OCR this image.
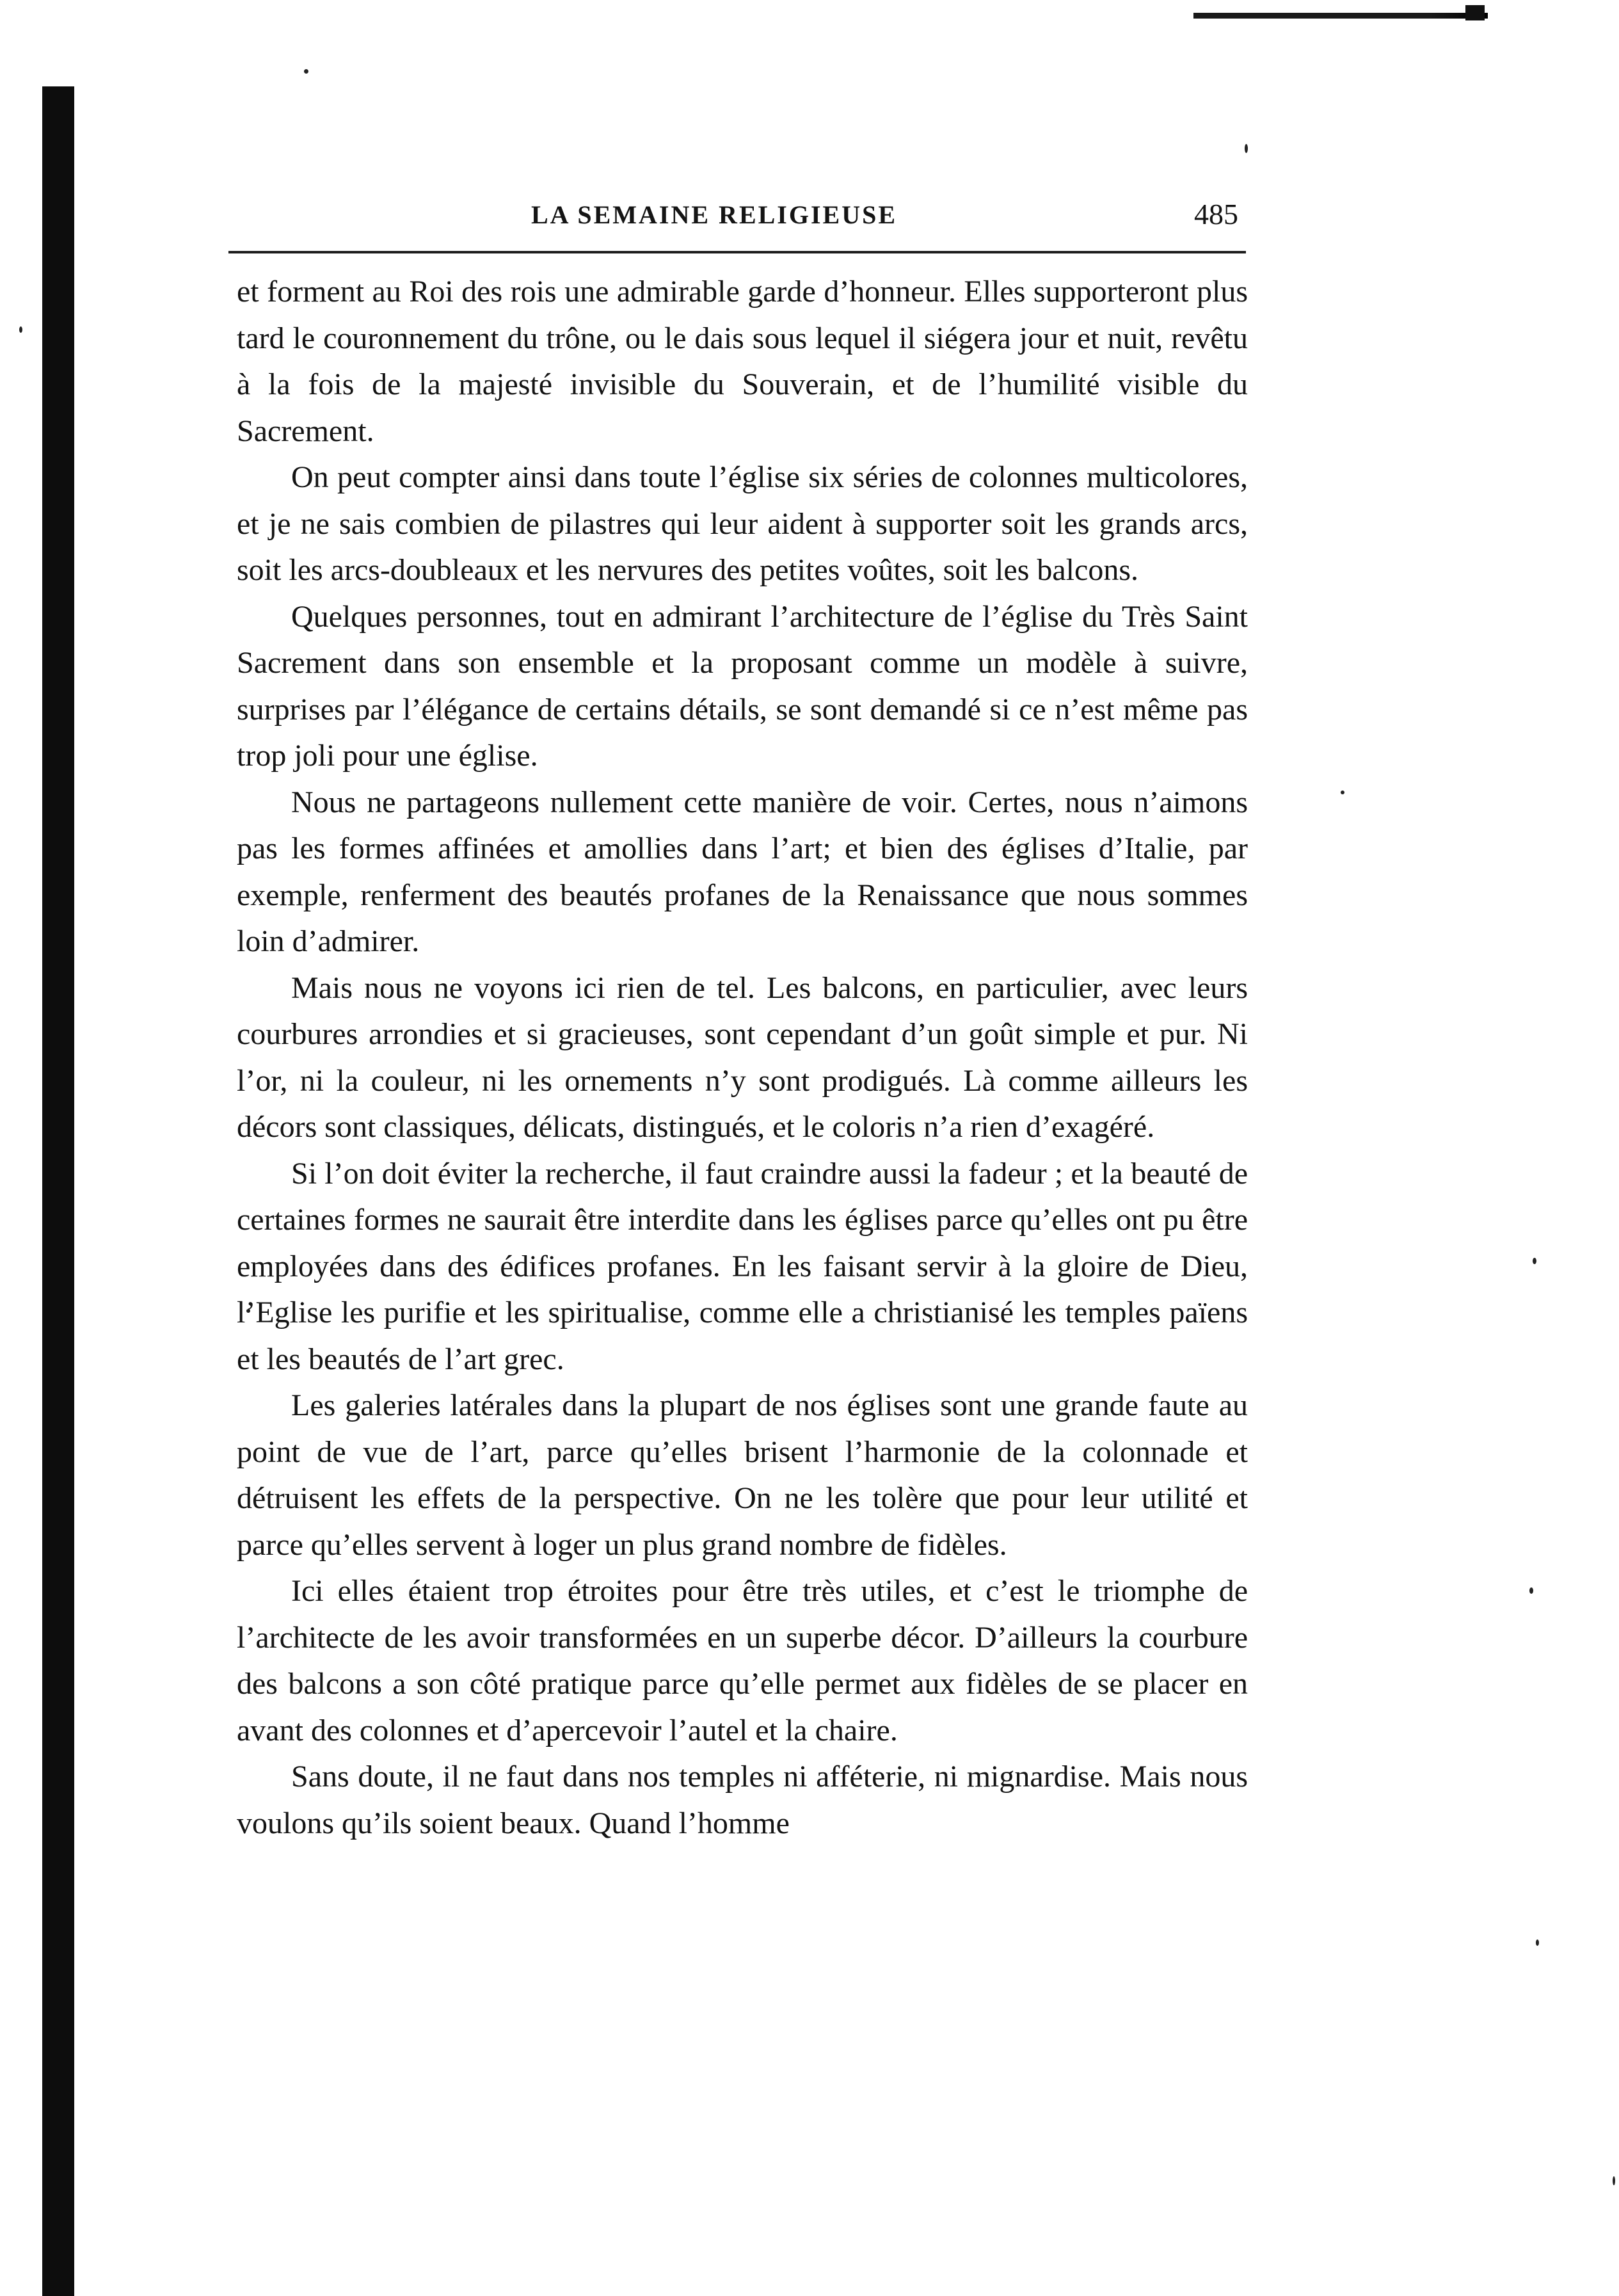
LA SEMAINE RELIGIEUSE	485

et forment au Roi des rois une admirable garde d’honneur. Elles supporteront plus tard le couronnement du trône, ou le dais sous lequel il siégera jour et nuit, revêtu à la fois de la majesté invisible du Souverain, et de l’humilité visible du Sacrement.

On peut compter ainsi dans toute l’église six séries de colonnes multicolores, et je ne sais combien de pilastres qui leur aident à supporter soit les grands arcs, soit les arcs-doubleaux et les nervures des petites voûtes, soit les balcons.

Quelques personnes, tout en admirant l’architecture de l’église du Très Saint Sacrement dans son ensemble et la proposant comme un modèle à suivre, surprises par l’élégance de certains détails, se sont demandé si ce n’est même pas trop joli pour une église.

Nous ne partageons nullement cette manière de voir. Certes, nous n’aimons pas les formes affinées et amollies dans l’art; et bien des églises d’Italie, par exemple, renferment des beautés profanes de la Renaissance que nous sommes loin d’admirer.

Mais nous ne voyons ici rien de tel. Les balcons, en particulier, avec leurs courbures arrondies et si gracieuses, sont cependant d’un goût simple et pur. Ni l’or, ni la couleur, ni les ornements n’y sont prodigués. Là comme ailleurs les décors sont classiques, délicats, distingués, et le coloris n’a rien d’exagéré.

Si l’on doit éviter la recherche, il faut craindre aussi la fadeur ; et la beauté de certaines formes ne saurait être interdite dans les églises parce qu’elles ont pu être employées dans des édifices profanes. En les faisant servir à la gloire de Dieu, l’Eglise les purifie et les spiritualise, comme elle a christianisé les temples païens et les beautés de l’art grec.

Les galeries latérales dans la plupart de nos églises sont une grande faute au point de vue de l’art, parce qu’elles brisent l’harmonie de la colonnade et détruisent les effets de la perspective. On ne les tolère que pour leur utilité et parce qu’elles servent à loger un plus grand nombre de fidèles.

Ici elles étaient trop étroites pour être très utiles, et c’est le triomphe de l’architecte de les avoir transformées en un superbe décor. D’ailleurs la courbure des balcons a son côté pratique parce qu’elle permet aux fidèles de se placer en avant des colonnes et d’apercevoir l’autel et la chaire.

Sans doute, il ne faut dans nos temples ni afféterie, ni mignardise. Mais nous voulons qu’ils soient beaux. Quand l’homme
